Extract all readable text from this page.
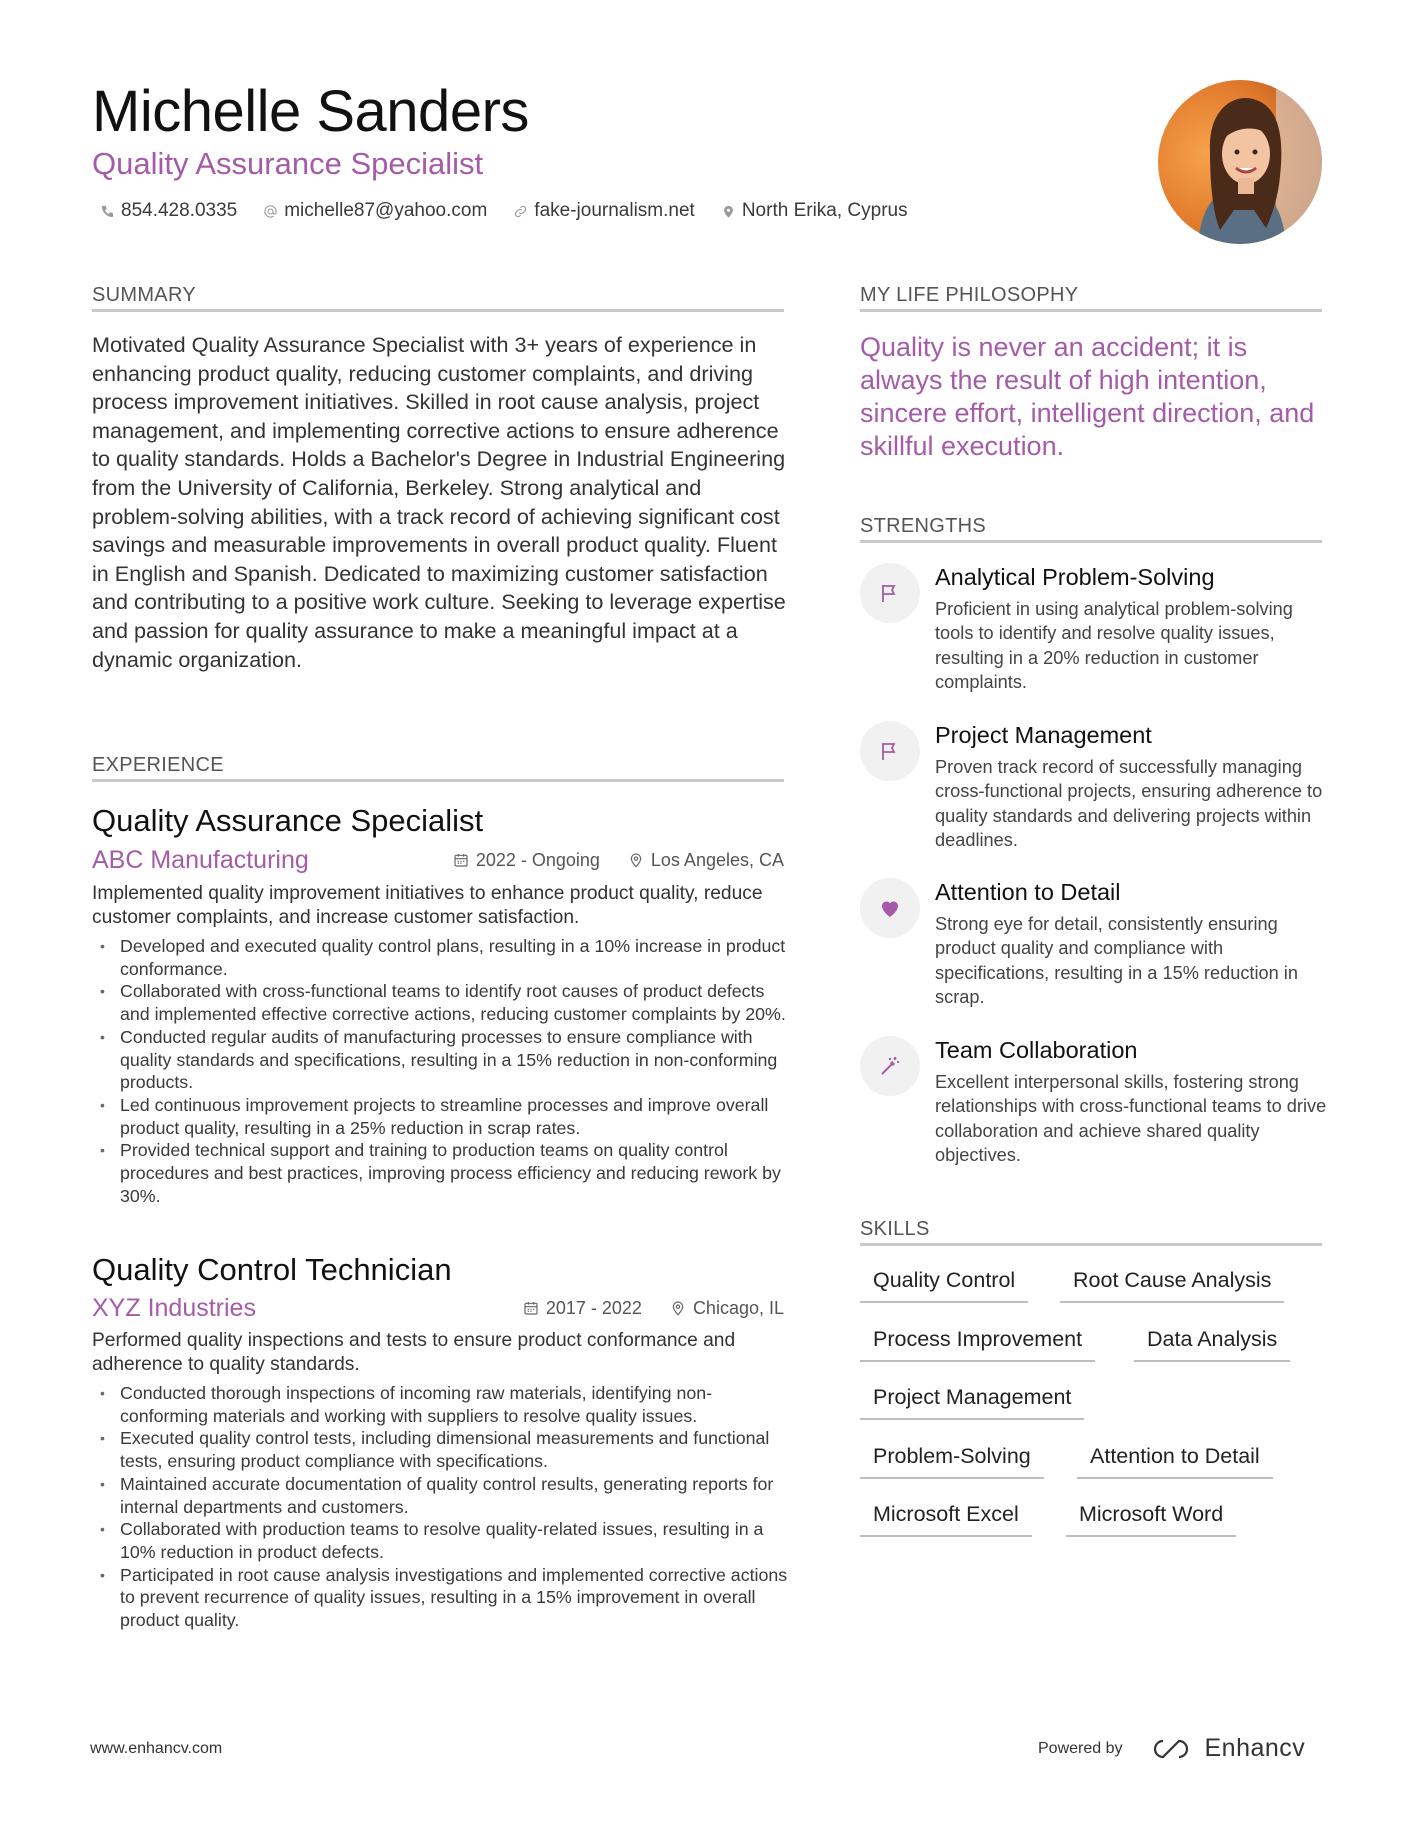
Michelle Sanders
Quality Assurance Specialist
854.428.0335 michelle87@yahoo.com fake-journalism.net North Erika, Cyprus
SUMMARY
Motivated Quality Assurance Specialist with 3+ years of experience in enhancing product quality, reducing customer complaints, and driving process improvement initiatives. Skilled in root cause analysis, project management, and implementing corrective actions to ensure adherence to quality standards. Holds a Bachelor's Degree in Industrial Engineering from the University of California, Berkeley. Strong analytical and problem-solving abilities, with a track record of achieving significant cost savings and measurable improvements in overall product quality. Fluent in English and Spanish. Dedicated to maximizing customer satisfaction and contributing to a positive work culture. Seeking to leverage expertise and passion for quality assurance to make a meaningful impact at a dynamic organization.
EXPERIENCE
Quality Assurance Specialist
ABC Manufacturing	2022 - Ongoing	Los Angeles, CA
Implemented quality improvement initiatives to enhance product quality, reduce customer complaints, and increase customer satisfaction.
• Developed and executed quality control plans, resulting in a 10% increase in product conformance.
• Collaborated with cross-functional teams to identify root causes of product defects and implemented effective corrective actions, reducing customer complaints by 20%.
• Conducted regular audits of manufacturing processes to ensure compliance with quality standards and specifications, resulting in a 15% reduction in non-conforming products.
• Led continuous improvement projects to streamline processes and improve overall product quality, resulting in a 25% reduction in scrap rates.
• Provided technical support and training to production teams on quality control procedures and best practices, improving process efficiency and reducing rework by 30%.
Quality Control Technician
XYZ Industries	2017 - 2022	Chicago, IL
Performed quality inspections and tests to ensure product conformance and adherence to quality standards.
• Conducted thorough inspections of incoming raw materials, identifying non-conforming materials and working with suppliers to resolve quality issues.
• Executed quality control tests, including dimensional measurements and functional tests, ensuring product compliance with specifications.
• Maintained accurate documentation of quality control results, generating reports for internal departments and customers.
• Collaborated with production teams to resolve quality-related issues, resulting in a 10% reduction in product defects.
• Participated in root cause analysis investigations and implemented corrective actions to prevent recurrence of quality issues, resulting in a 15% improvement in overall product quality.
MY LIFE PHILOSOPHY
Quality is never an accident; it is always the result of high intention, sincere effort, intelligent direction, and skillful execution.
STRENGTHS
Analytical Problem-Solving
Proficient in using analytical problem-solving tools to identify and resolve quality issues, resulting in a 20% reduction in customer complaints.
Project Management
Proven track record of successfully managing cross-functional projects, ensuring adherence to quality standards and delivering projects within deadlines.
Attention to Detail
Strong eye for detail, consistently ensuring product quality and compliance with specifications, resulting in a 15% reduction in scrap.
Team Collaboration
Excellent interpersonal skills, fostering strong relationships with cross-functional teams to drive collaboration and achieve shared quality objectives.
SKILLS
Quality Control	Root Cause Analysis
Process Improvement	Data Analysis
Project Management
Problem-Solving	Attention to Detail
Microsoft Excel	Microsoft Word
www.enhancv.com	Powered by	Enhancv
